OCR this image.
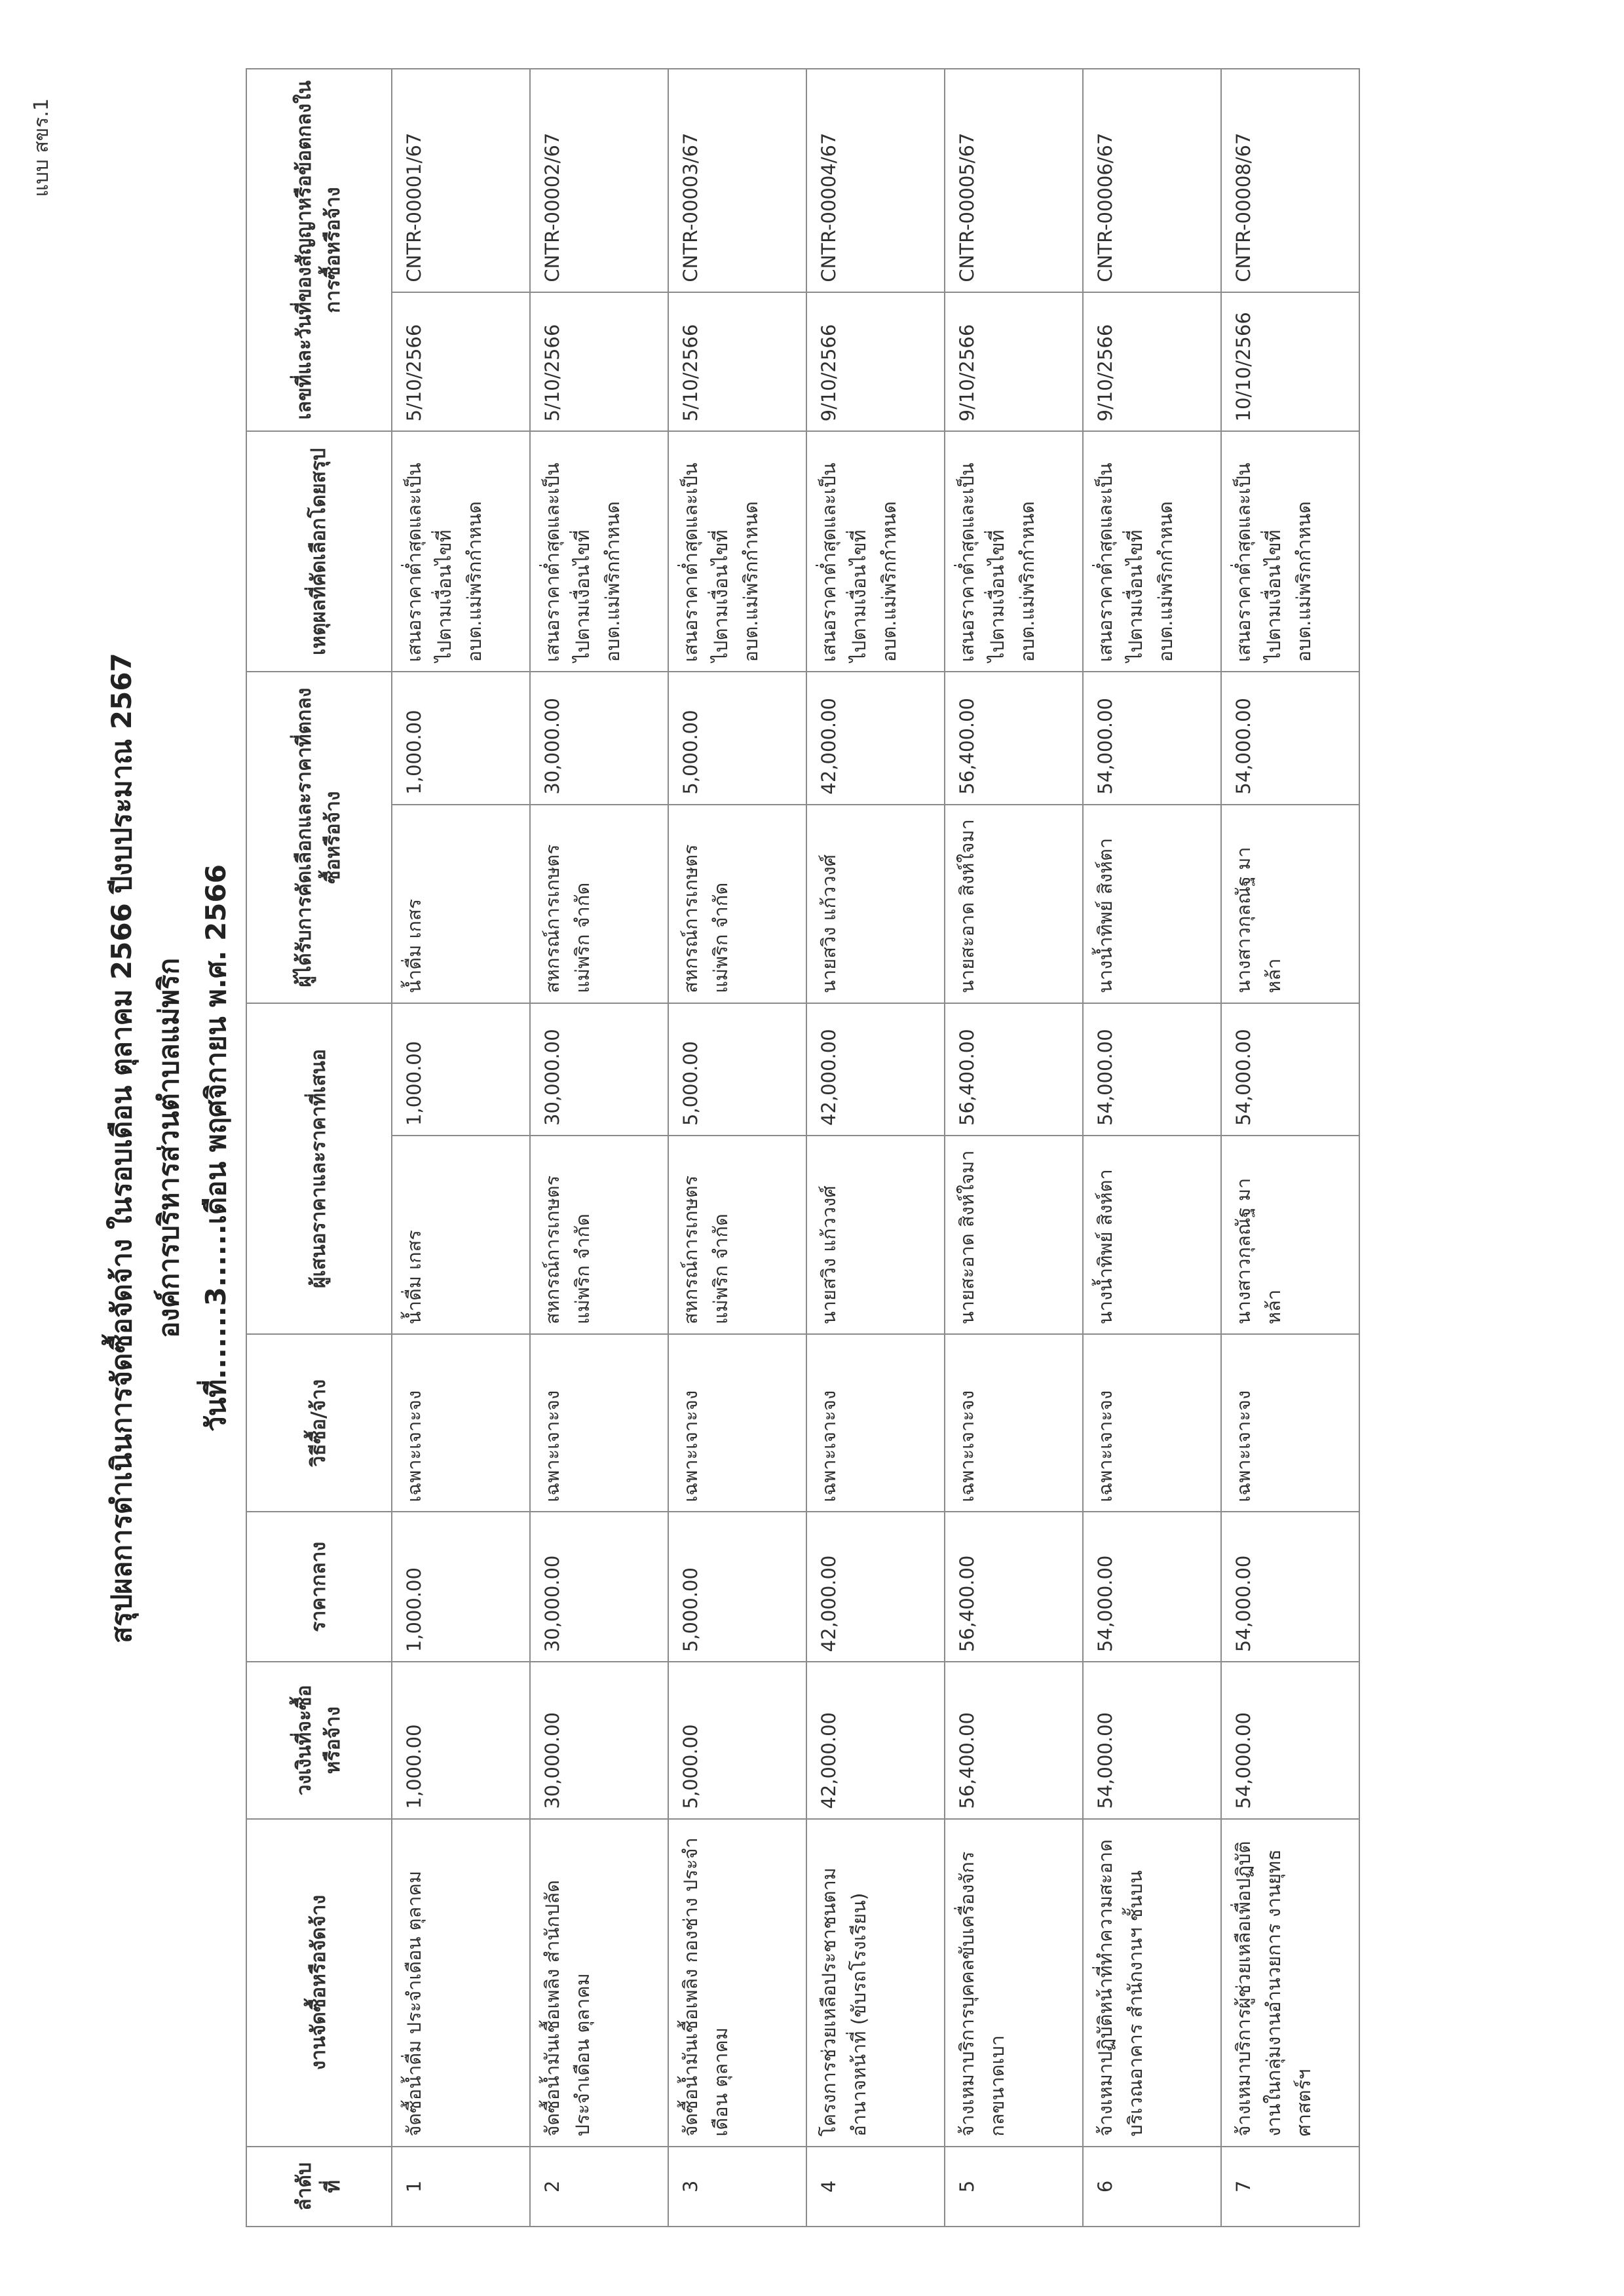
แบบ สขร.1
สรุปผลการดำเนินการจัดซื้อจัดจ้าง ในรอบเดือน ตุลาคม 2566 ปีงบประมาณ 2567 องค์การบริหารส่วนตำบลแม่พริก วันที่.......3......เดือน พฤศจิกายน พ.ศ. 2566
ลำดับที่	งานจัดซื้อหรือจัดจ้าง	วงเงินที่จะซื้อหรือจ้าง	ราคากลาง	วิธีซื้อ/จ้าง	ผู้เสนอราคาและราคาที่เสนอ		ผู้ได้รับการคัดเลือกและราคาที่ตกลงซื้อหรือจ้าง		เหตุผลที่คัดเลือกโดยสรุป	เลขที่และวันที่ของสัญญาหรือข้อตกลงในการซื้อหรือจ้าง	
1	จัดซื้อน้ำดื่ม ประจำเดือน ตุลาคม	1,000.00	1,000.00	เฉพาะเจาะจง	น้ำดื่ม เกสร	1,000.00	น้ำดื่ม เกสร	1,000.00	เสนอราคาต่ำสุดและเป็นไปตามเงื่อนไขที่ อบต.แม่พริกกำหนด	5/10/2566	CNTR-00001/67
2	จัดซื้อน้ำมันเชื้อเพลิง สำนักปลัด ประจำเดือน ตุลาคม	30,000.00	30,000.00	เฉพาะเจาะจง	สหกรณ์การเกษตรแม่พริก จำกัด	30,000.00	สหกรณ์การเกษตรแม่พริก จำกัด	30,000.00	เสนอราคาต่ำสุดและเป็นไปตามเงื่อนไขที่ อบต.แม่พริกกำหนด	5/10/2566	CNTR-00002/67
3	จัดซื้อน้ำมันเชื้อเพลิง กองช่าง ประจำเดือน ตุลาคม	5,000.00	5,000.00	เฉพาะเจาะจง	สหกรณ์การเกษตรแม่พริก จำกัด	5,000.00	สหกรณ์การเกษตรแม่พริก จำกัด	5,000.00	เสนอราคาต่ำสุดและเป็นไปตามเงื่อนไขที่ อบต.แม่พริกกำหนด	5/10/2566	CNTR-00003/67
4	โครงการช่วยเหลือประชาชนตามอำนาจหน้าที่ (ขับรถโรงเรียน)	42,000.00	42,000.00	เฉพาะเจาะจง	นายสวิง แก้ววงศ์	42,000.00	นายสวิง แก้ววงศ์	42,000.00	เสนอราคาต่ำสุดและเป็นไปตามเงื่อนไขที่ อบต.แม่พริกกำหนด	9/10/2566	CNTR-00004/67
5	จ้างเหมาบริการบุคคลขับเครื่องจักรกลขนาดเบา	56,400.00	56,400.00	เฉพาะเจาะจง	นายสะอาด สิงห์ใจมา	56,400.00	นายสะอาด สิงห์ใจมา	56,400.00	เสนอราคาต่ำสุดและเป็นไปตามเงื่อนไขที่ อบต.แม่พริกกำหนด	9/10/2566	CNTR-00005/67
6	จ้างเหมาปฏิบัติหน้าที่ทำความสะอาด บริเวณอาคาร สำนักงานฯ ชั้นบน	54,000.00	54,000.00	เฉพาะเจาะจง	นางน้ำทิพย์ สิงห์ตา	54,000.00	นางน้ำทิพย์ สิงห์ตา	54,000.00	เสนอราคาต่ำสุดและเป็นไปตามเงื่อนไขที่ อบต.แม่พริกกำหนด	9/10/2566	CNTR-00006/67
7	จ้างเหมาบริการผู้ช่วยเหลือเพื่อปฏิบัติงานในกลุ่มงานอำนวยการ งานยุทธศาสตร์ฯ	54,000.00	54,000.00	เฉพาะเจาะจง	นางสาวกุลณัฐ มาหล้า	54,000.00	นางสาวกุลณัฐ มาหล้า	54,000.00	เสนอราคาต่ำสุดและเป็นไปตามเงื่อนไขที่ อบต.แม่พริกกำหนด	10/10/2566	CNTR-00008/67
